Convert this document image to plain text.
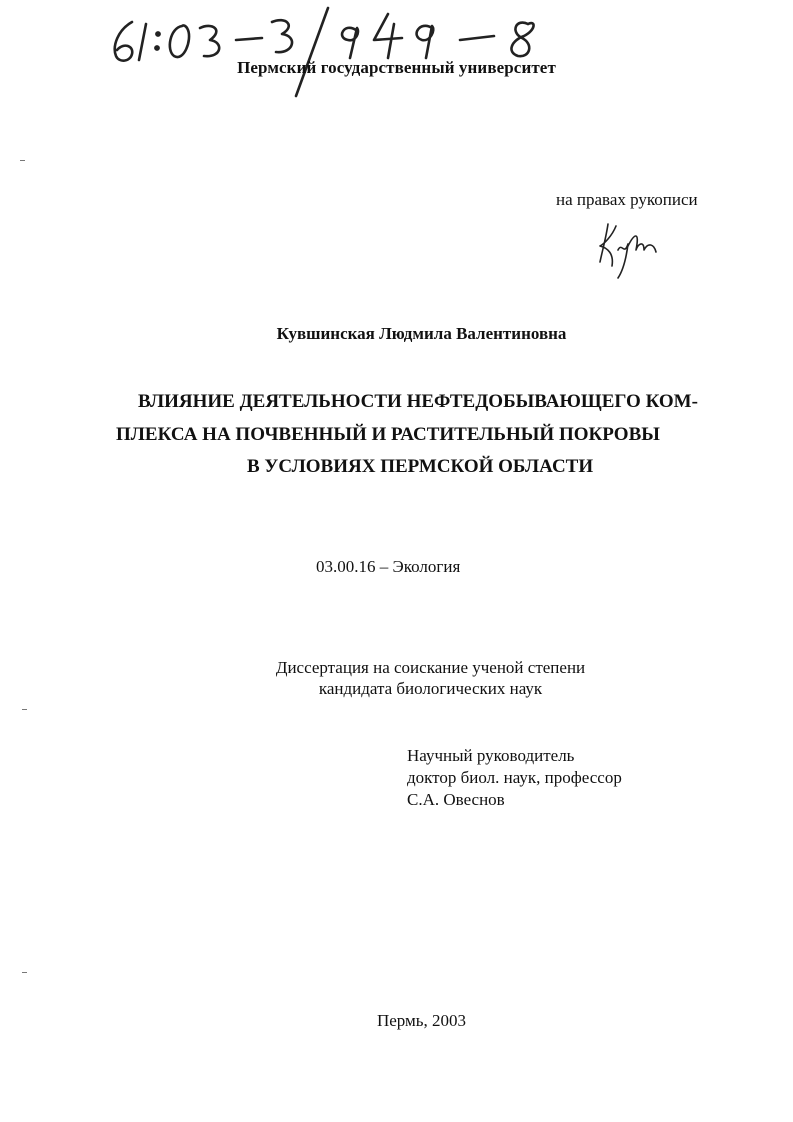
Пермский государственный университет
на правах рукописи
Кувшинская Людмила Валентиновна
ВЛИЯНИЕ ДЕЯТЕЛЬНОСТИ НЕФТЕДОБЫВАЮЩЕГО КОМ-
ПЛЕКСА НА ПОЧВЕННЫЙ И РАСТИТЕЛЬНЫЙ ПОКРОВЫ
В УСЛОВИЯХ ПЕРМСКОЙ ОБЛАСТИ
03.00.16 – Экология
Диссертация на соискание ученой степени
кандидата биологических наук
Научный руководитель
доктор биол. наук, профессор
С.А. Овеснов
Пермь, 2003
